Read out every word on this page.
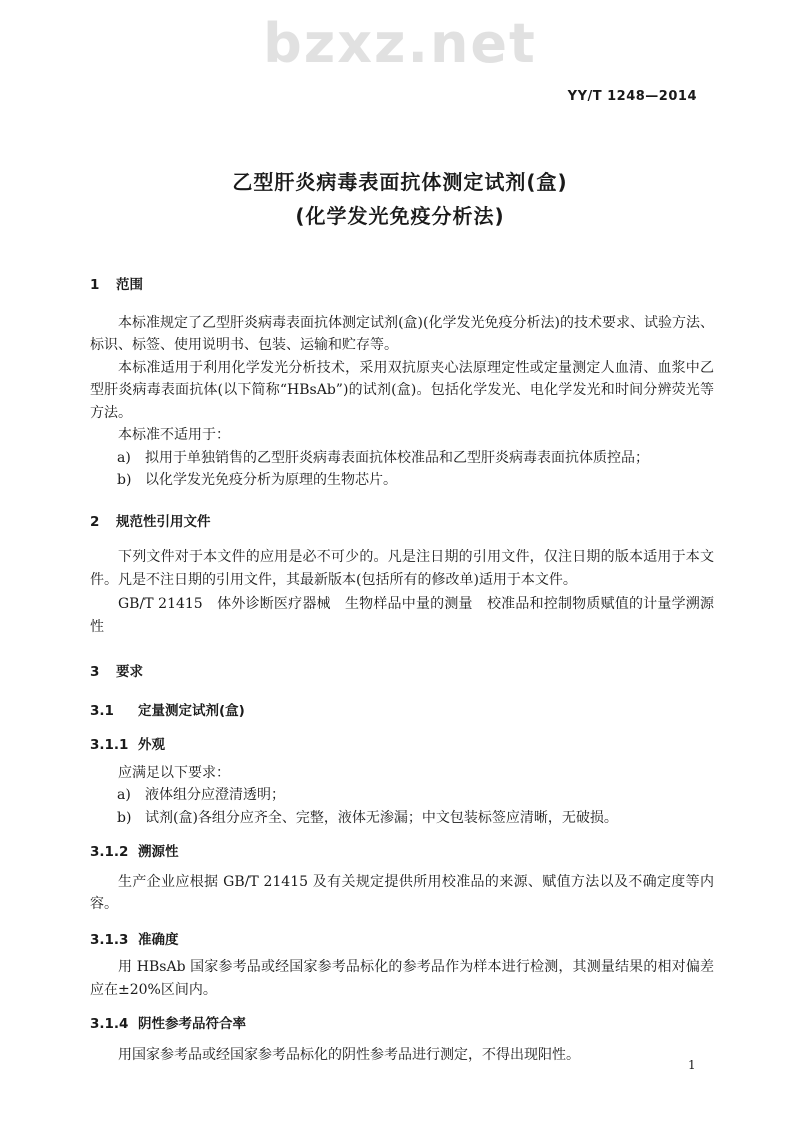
bzxz.net
YY/T 1248—2014
乙型肝炎病毒表面抗体测定试剂(盒)
(化学发光免疫分析法)
1 范围
本标准规定了乙型肝炎病毒表面抗体测定试剂(盒)(化学发光免疫分析法)的技术要求、试验方法、标识、标签、使用说明书、包装、运输和贮存等。
本标准适用于利用化学发光分析技术，采用双抗原夹心法原理定性或定量测定人血清、血浆中乙型肝炎病毒表面抗体(以下简称“HBsAb”)的试剂(盒)。包括化学发光、电化学发光和时间分辨荧光等方法。
本标准不适用于：
a) 拟用于单独销售的乙型肝炎病毒表面抗体校准品和乙型肝炎病毒表面抗体质控品；
b) 以化学发光免疫分析为原理的生物芯片。
2 规范性引用文件
下列文件对于本文件的应用是必不可少的。凡是注日期的引用文件，仅注日期的版本适用于本文件。凡是不注日期的引用文件，其最新版本(包括所有的修改单)适用于本文件。
GB/T 21415　体外诊断医疗器械　生物样品中量的测量　校准品和控制物质赋值的计量学溯源性
3 要求
3.1 定量测定试剂(盒)
3.1.1 外观
应满足以下要求：
a) 液体组分应澄清透明；
b) 试剂(盒)各组分应齐全、完整，液体无渗漏；中文包装标签应清晰，无破损。
3.1.2 溯源性
生产企业应根据 GB/T 21415 及有关规定提供所用校准品的来源、赋值方法以及不确定度等内容。
3.1.3 准确度
用 HBsAb 国家参考品或经国家参考品标化的参考品作为样本进行检测，其测量结果的相对偏差应在±20%区间内。
3.1.4 阴性参考品符合率
用国家参考品或经国家参考品标化的阴性参考品进行测定，不得出现阳性。
1
